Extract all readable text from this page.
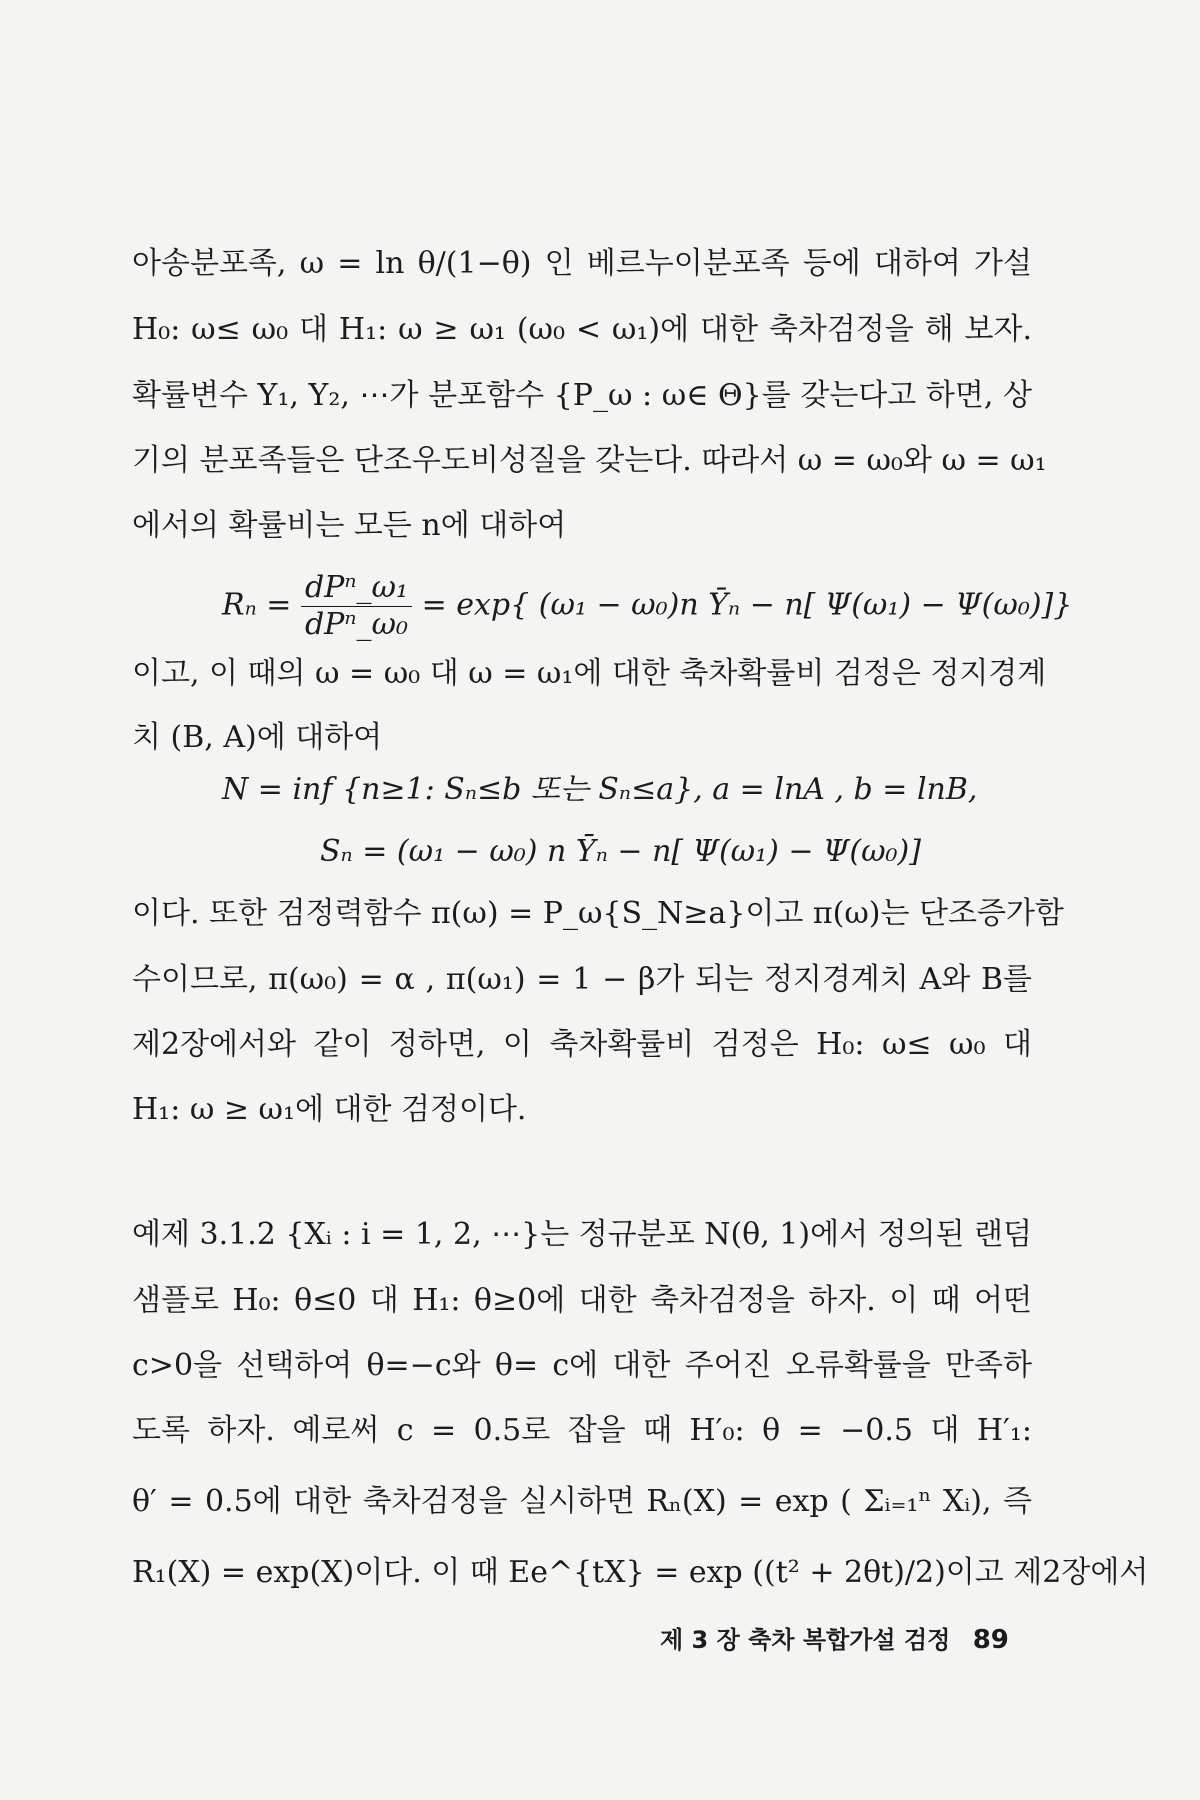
아송분포족, ω = ln θ/(1−θ) 인 베르누이분포족 등에 대하여 가설

H₀: ω≤ ω₀ 대 H₁: ω ≥ ω₁ (ω₀ < ω₁)에 대한 축차검정을 해 보자.

확률변수 Y₁, Y₂, ⋯가 분포함수 {P_ω : ω∈ Θ}를 갖는다고 하면, 상

기의 분포족들은 단조우도비성질을 갖는다. 따라서 ω = ω₀와 ω = ω₁

에서의 확률비는 모든 n에 대하여

$R_n = \frac{\text{dPⁿ\_ω₁}}{\text{dPⁿ\_ω₀}} = \exp${ (ω₁ − ω₀)n Ȳₙ − n[ Ψ(ω₁) − Ψ(ω₀)]}

이고, 이 때의 ω = ω₀ 대 ω = ω₁에 대한 축차확률비 검정은 정지경계

치 (B, A)에 대하여

N = inf {n≥1: Sₙ≤b 또는 Sₙ≤a}, a = lnA , b = lnB,
Sₙ = (ω₁ − ω₀) n Ȳₙ − n[ Ψ(ω₁) − Ψ(ω₀)]

이다. 또한 검정력함수 π(ω) = P_ω{S_N≥a}이고 π(ω)는 단조증가함

수이므로, π(ω₀) = α , π(ω₁) = 1 − β가 되는 정지경계치 A와 B를

제2장에서와 같이 정하면, 이 축차확률비 검정은 H₀: ω≤ ω₀ 대

H₁: ω ≥ ω₁에 대한 검정이다.

예제 3.1.2 {Xᵢ : i = 1, 2, ⋯}는 정규분포 N(θ, 1)에서 정의된 랜덤

샘플로 H₀: θ≤0 대 H₁: θ≥0에 대한 축차검정을 하자. 이 때 어떤

c>0을 선택하여 θ=−c와 θ= c에 대한 주어진 오류확률을 만족하

도록 하자. 예로써 c = 0.5로 잡을 때 H′₀: θ = −0.5 대 H′₁:

θ′ = 0.5에 대한 축차검정을 실시하면 Rₙ(X) = exp ( Σᵢ₌₁ⁿ Xᵢ), 즉

R₁(X) = exp(X)이다. 이 때 Ee^{tX} = exp ((t² + 2θt)/2)이고 제2장에서

제 3 장 축차 복합가설 검정 89
